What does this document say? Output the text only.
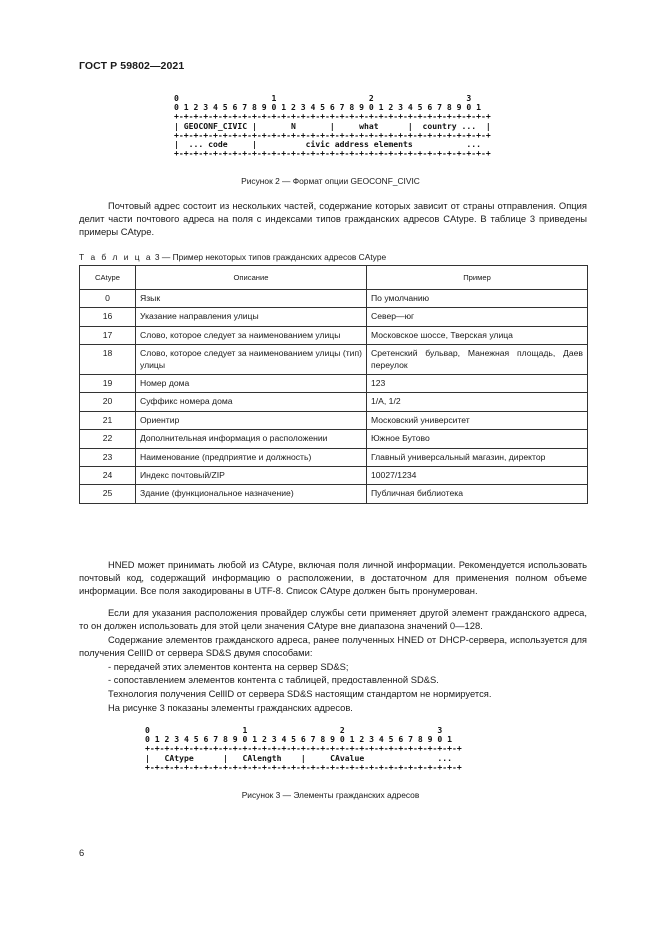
ГОСТ Р 59802—2021
0                   1                   2                   3
0 1 2 3 4 5 6 7 8 9 0 1 2 3 4 5 6 7 8 9 0 1 2 3 4 5 6 7 8 9 0 1
+-+-+-+-+-+-+-+-+-+-+-+-+-+-+-+-+-+-+-+-+-+-+-+-+-+-+-+-+-+-+-+-+
| GEOCONF_CIVIC |       N       |     what      |  country ...  |
+-+-+-+-+-+-+-+-+-+-+-+-+-+-+-+-+-+-+-+-+-+-+-+-+-+-+-+-+-+-+-+-+
|  ... code     |          civic address elements           ...
+-+-+-+-+-+-+-+-+-+-+-+-+-+-+-+-+-+-+-+-+-+-+-+-+-+-+-+-+-+-+-+-+
Рисунок 2 — Формат опции GEOCONF_CIVIC

Почтовый адрес состоит из нескольких частей, содержание которых зависит от страны отправления. Опция делит части почтового адреса на поля с индексами типов гражданских адресов CAtype. В таблице 3 приведены примеры CAtype.

Т а б л и ц а 3 — Пример некоторых типов гражданских адресов CAtype
CAtype	Описание	Пример
0	Язык	По умолчанию
16	Указание направления улицы	Север—юг
17	Слово, которое следует за наименованием улицы	Московское шоссе, Тверская улица
18	Слово, которое следует за наименованием улицы (тип) улицы	Сретенский бульвар, Манежная площадь, Даев переулок
19	Номер дома	123
20	Суффикс номера дома	1/А, 1/2
21	Ориентир	Московский университет
22	Дополнительная информация о расположении	Южное Бутово
23	Наименование (предприятие и должность)	Главный универсальный магазин, директор
24	Индекс почтовый/ZIP	10027/1234
25	Здание (функциональное назначение)	Публичная библиотека

HNED может принимать любой из CAtype, включая поля личной информации. Рекомендуется использовать почтовый код, содержащий информацию о расположении, в достаточном для применения полном объеме информации. Все поля закодированы в UTF-8. Список CAtype должен быть пронумерован.

Если для указания расположения провайдер службы сети применяет другой элемент гражданского адреса, то он должен использовать для этой цели значения CAtype вне диапазона значений 0—128.

Содержание элементов гражданского адреса, ранее полученных HNED от DHCP-сервера, используется для получения CellID от сервера SD&S двумя способами:

- передачей этих элементов контента на сервер SD&S;
- сопоставлением элементов контента с таблицей, предоставленной SD&S.
Технология получения CellID от сервера SD&S настоящим стандартом не нормируется.
На рисунке 3 показаны элементы гражданских адресов.
0                   1                   2                   3
0 1 2 3 4 5 6 7 8 9 0 1 2 3 4 5 6 7 8 9 0 1 2 3 4 5 6 7 8 9 0 1
+-+-+-+-+-+-+-+-+-+-+-+-+-+-+-+-+-+-+-+-+-+-+-+-+-+-+-+-+-+-+-+-+
|   CAtype      |   CAlength    |     CAvalue               ...
+-+-+-+-+-+-+-+-+-+-+-+-+-+-+-+-+-+-+-+-+-+-+-+-+-+-+-+-+-+-+-+-+
Рисунок 3 — Элементы гражданских адресов
6
